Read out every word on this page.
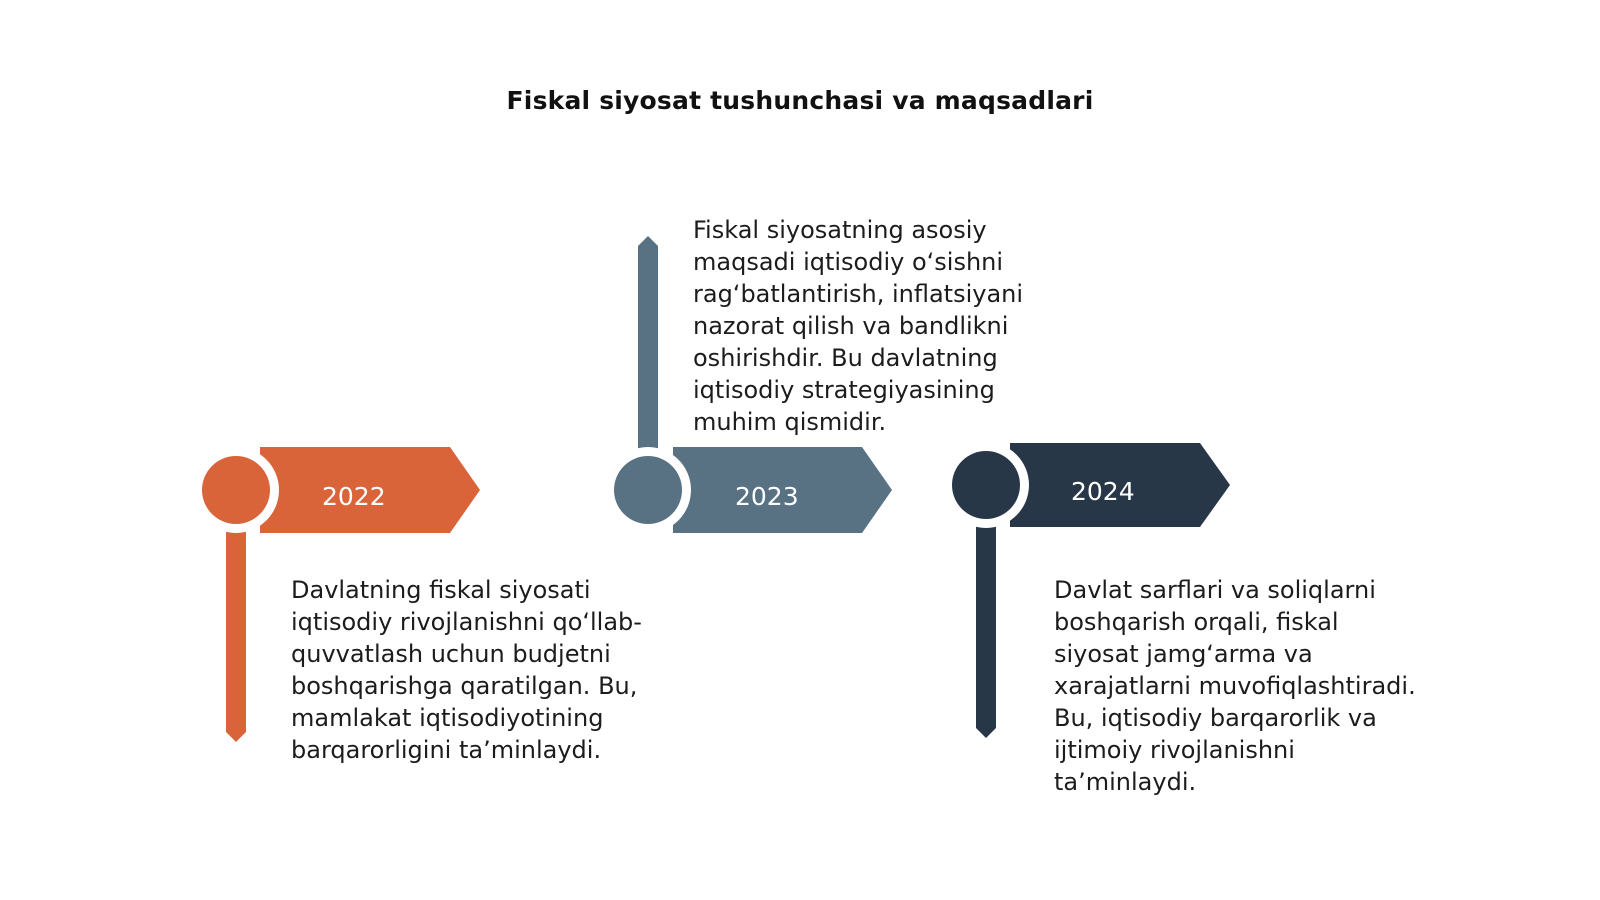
Fiskal siyosat tushunchasi va maqsadlari
2022	2023	2024

Davlatning fiskal siyosati iqtisodiy rivojlanishni qo‘llab-quvvatlash uchun budjetni boshqarishga qaratilgan. Bu, mamlakat iqtisodiyotining barqarorligini ta’minlaydi.

Fiskal siyosatning asosiy maqsadi iqtisodiy o‘sishni rag‘batlantirish, inflatsiyani nazorat qilish va bandlikni oshirishdir. Bu davlatning iqtisodiy strategiyasining muhim qismidir.

Davlat sarflari va soliqlarni boshqarish orqali, fiskal siyosat jamg‘arma va xarajatlarni muvofiqlashtiradi. Bu, iqtisodiy barqarorlik va ijtimoiy rivojlanishni ta’minlaydi.
